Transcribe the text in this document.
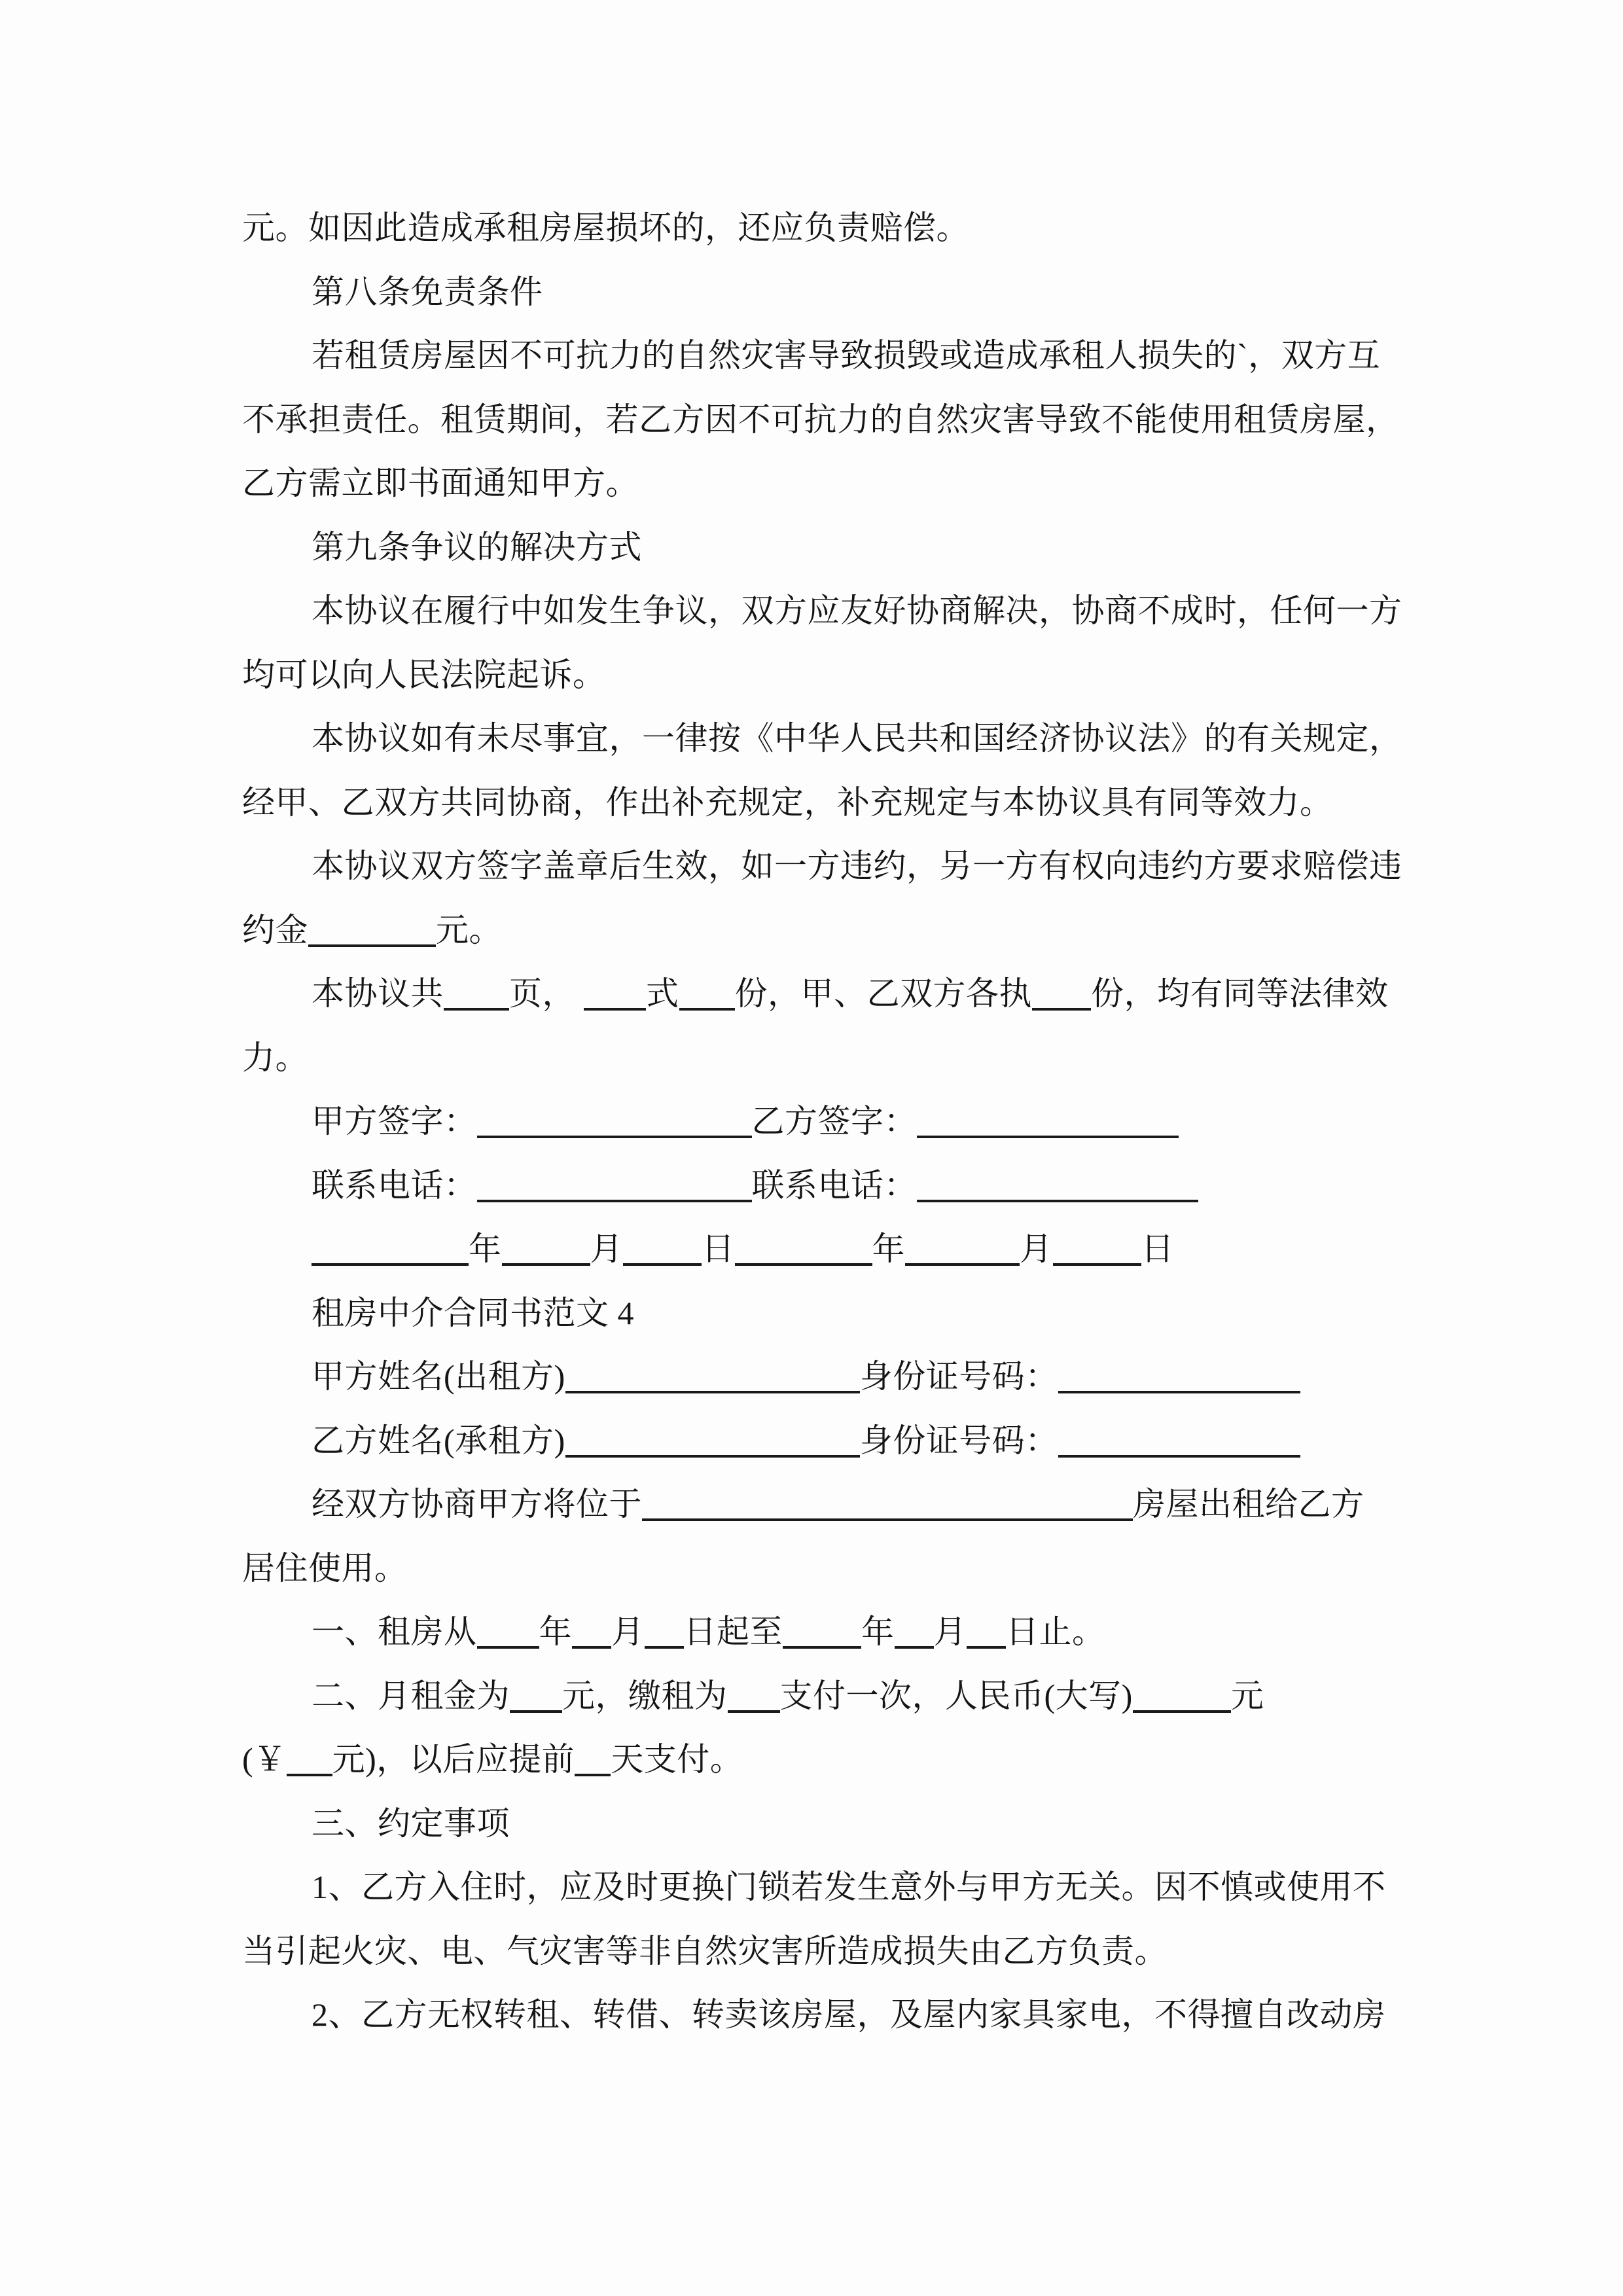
元。如因此造成承租房屋损坏的，还应负责赔偿。
第八条免责条件
若租赁房屋因不可抗力的自然灾害导致损毁或造成承租人损失的`，双方互
不承担责任。租赁期间，若乙方因不可抗力的自然灾害导致不能使用租赁房屋，
乙方需立即书面通知甲方。
第九条争议的解决方式
本协议在履行中如发生争议，双方应友好协商解决，协商不成时，任何一方
均可以向人民法院起诉。
本协议如有未尽事宜，一律按《中华人民共和国经济协议法》的有关规定，
经甲、乙双方共同协商，作出补充规定，补充规定与本协议具有同等效力。
本协议双方签字盖章后生效，如一方违约，另一方有权向违约方要求赔偿违
约金	元。
本协议共 页， 式 份，甲、乙双方各执 份，均有同等法律效
力。
甲方签字：	乙方签字：
联系电话：	联系电话：
年	月 日	年	月	日
租房中介合同书范文 4
甲方姓名(出租方)	身份证号码：
乙方姓名(承租方)	身份证号码：
经双方协商甲方将位于	房屋出租给乙方
居住使用。
一、租房从 年 月 日起至 年 月 日止。
二、月租金为 元，缴租为 支付一次，人民币(大写)	元
(￥ 元)，以后应提前 天支付。
三、约定事项
1、乙方入住时，应及时更换门锁若发生意外与甲方无关。因不慎或使用不
当引起火灾、电、气灾害等非自然灾害所造成损失由乙方负责。
2、乙方无权转租、转借、转卖该房屋，及屋内家具家电，不得擅自改动房
